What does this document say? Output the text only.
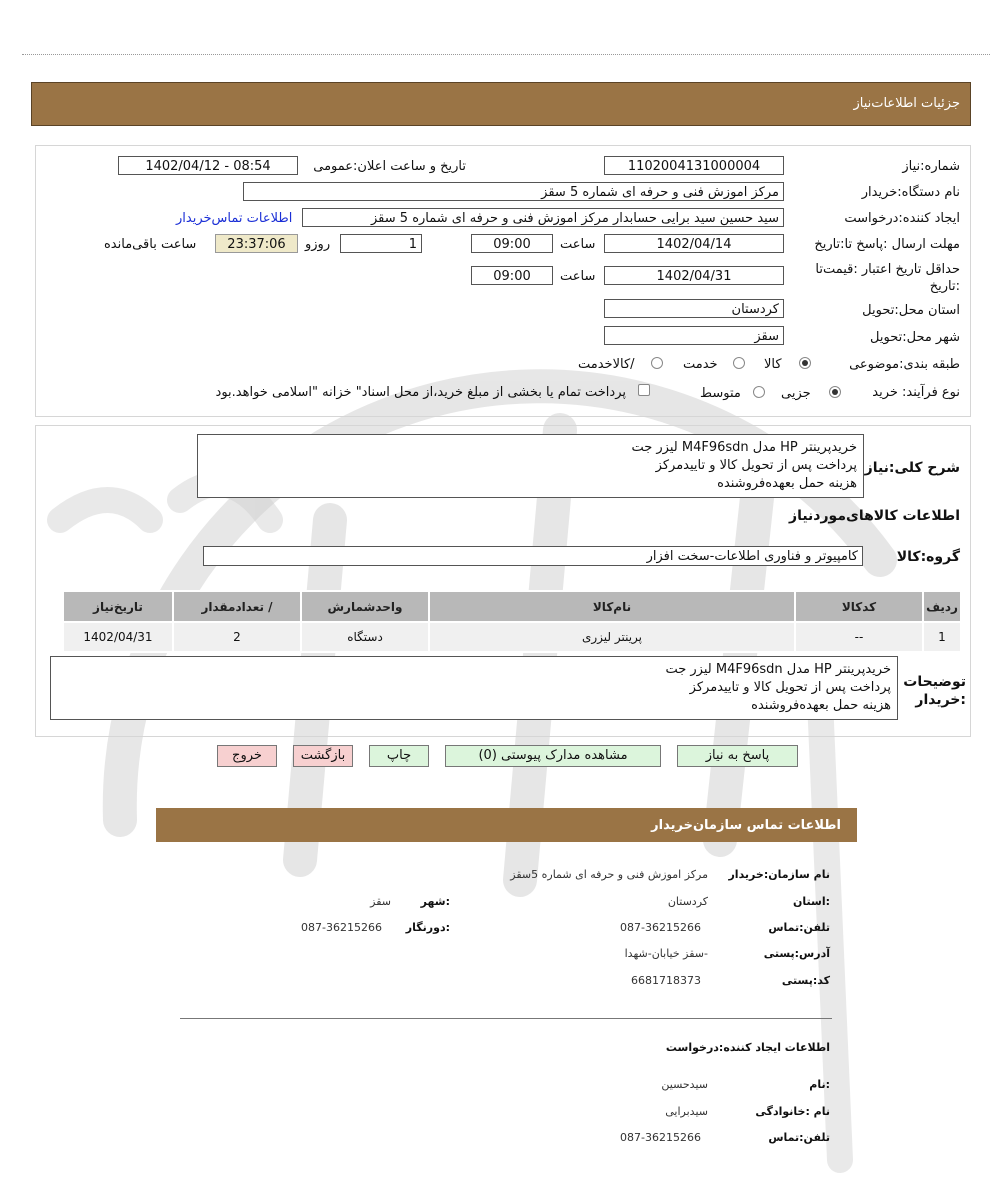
جزئیات اطلاعات‌نیاز
شماره:نیاز
1102004131000004
تاریخ و ساعت اعلان:عمومی
1402/04/12 - 08:54
نام دستگاه:خریدار
مرکز اموزش فنی و حرفه ای شماره 5 سقز
ایجاد کننده:درخواست
سید حسین سید برایی حسابدار مرکز اموزش فنی و حرفه ای شماره 5 سقز
اطلاعات تماس‌خریدار
مهلت ارسال :پاسخ تا:تاریخ
1402/04/14
ساعت
09:00
1
روزو
23:37:06
ساعت باقی‌مانده
حداقل تاریخ اعتبار :قیمت‌تا
:تاریخ
1402/04/31
ساعت
09:00
استان محل:تحویل
کردستان
شهر محل:تحویل
سقز
طبقه بندی:موضوعی
کالا
خدمت
/کالاخدمت
نوع فرآیند: خرید
جزیی
متوسط
پرداخت تمام یا بخشی از مبلغ خرید،از محل اسناد" خزانه "اسلامی خواهد.بود
شرح کلی:نیاز
خریدپرینتر HP مدل M4F96sdn لیزر جت
پرداخت پس از تحویل کالا و تاییدمرکز
هزینه حمل بعهده‌فروشنده
اطلاعات کالاهای‌موردنیاز
گروه:کالا
کامپیوتر و فناوری اطلاعات-سخت افزار
ردیف	کدکالا	نام‌کالا	واحدشمارش	/ تعدادمقدار	تاریخ‌نیاز
1	--	پرینتر لیزری	دستگاه	2	1402/04/31
توضیحات
:خریدار
خریدپرینتر HP مدل M4F96sdn لیزر جت
پرداخت پس از تحویل کالا و تاییدمرکز
هزینه حمل بعهده‌فروشنده
پاسخ به نیاز
مشاهده مدارک پیوستی (0)
چاپ
بازگشت
خروج
اطلاعات تماس سازمان‌خریدار
نام سازمان:خریدار
مرکز اموزش فنی و حرفه ای شماره 5سقز
:استان
کردستان
:شهر
سقز
تلفن:تماس
087-36215266
:دورنگار
087-36215266
آدرس:پستی
-سقز خیابان-شهدا
کد:پستی
6681718373
اطلاعات ایجاد کننده:درخواست
:نام
سیدحسین
نام :خانوادگی
سیدبرایی
تلفن:تماس
087-36215266
